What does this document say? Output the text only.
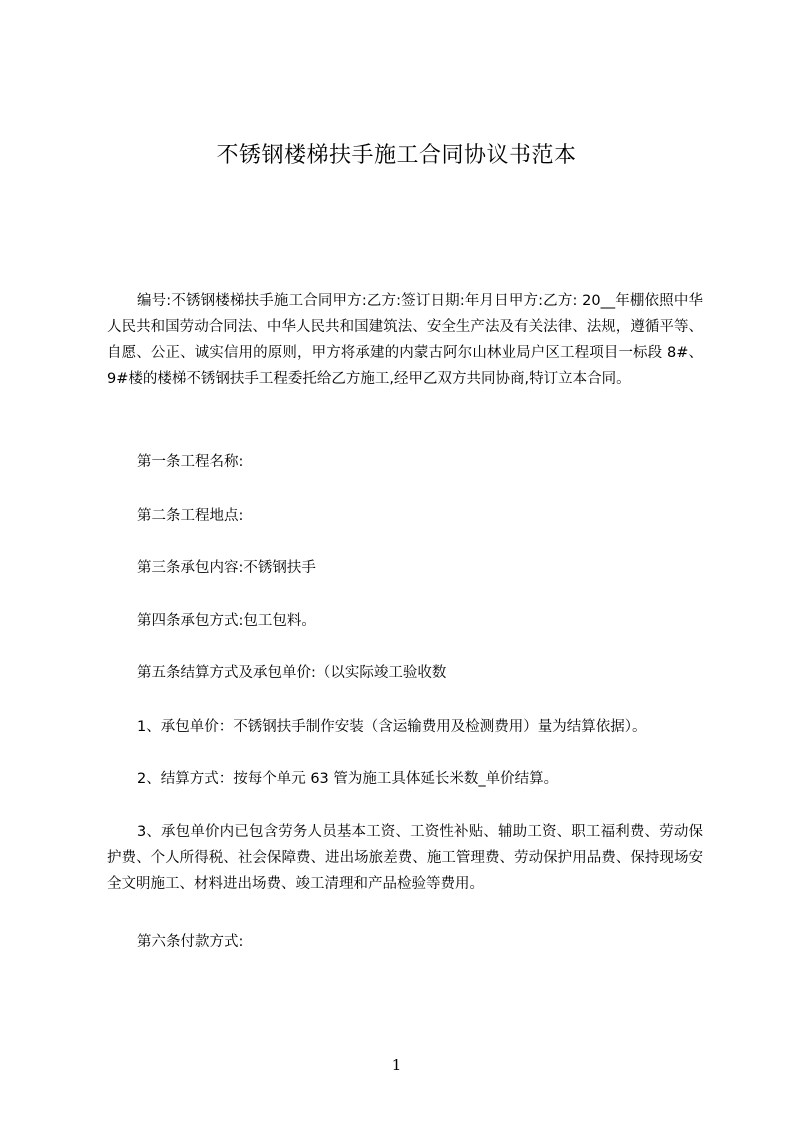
不锈钢楼梯扶手施工合同协议书范本
编号:不锈钢楼梯扶手施工合同甲方:乙方:签订日期:年月日甲方:乙方: 20__年棚依照中华人民共和国劳动合同法、中华人民共和国建筑法、安全生产法及有关法律、法规，遵循平等、自愿、公正、诚实信用的原则，甲方将承建的内蒙古阿尔山林业局户区工程项目一标段 8#、9#楼的楼梯不锈钢扶手工程委托给乙方施工,经甲乙双方共同协商,特订立本合同。
第一条工程名称:
第二条工程地点:
第三条承包内容:不锈钢扶手
第四条承包方式:包工包料。
第五条结算方式及承包单价:（以实际竣工验收数
1、承包单价：不锈钢扶手制作安装（含运输费用及检测费用）量为结算依据）。
2、结算方式：按每个单元 63 管为施工具体延长米数_单价结算。
3、承包单价内已包含劳务人员基本工资、工资性补贴、辅助工资、职工福利费、劳动保护费、个人所得税、社会保障费、进出场旅差费、施工管理费、劳动保护用品费、保持现场安全文明施工、材料进出场费、竣工清理和产品检验等费用。
第六条付款方式:
1
